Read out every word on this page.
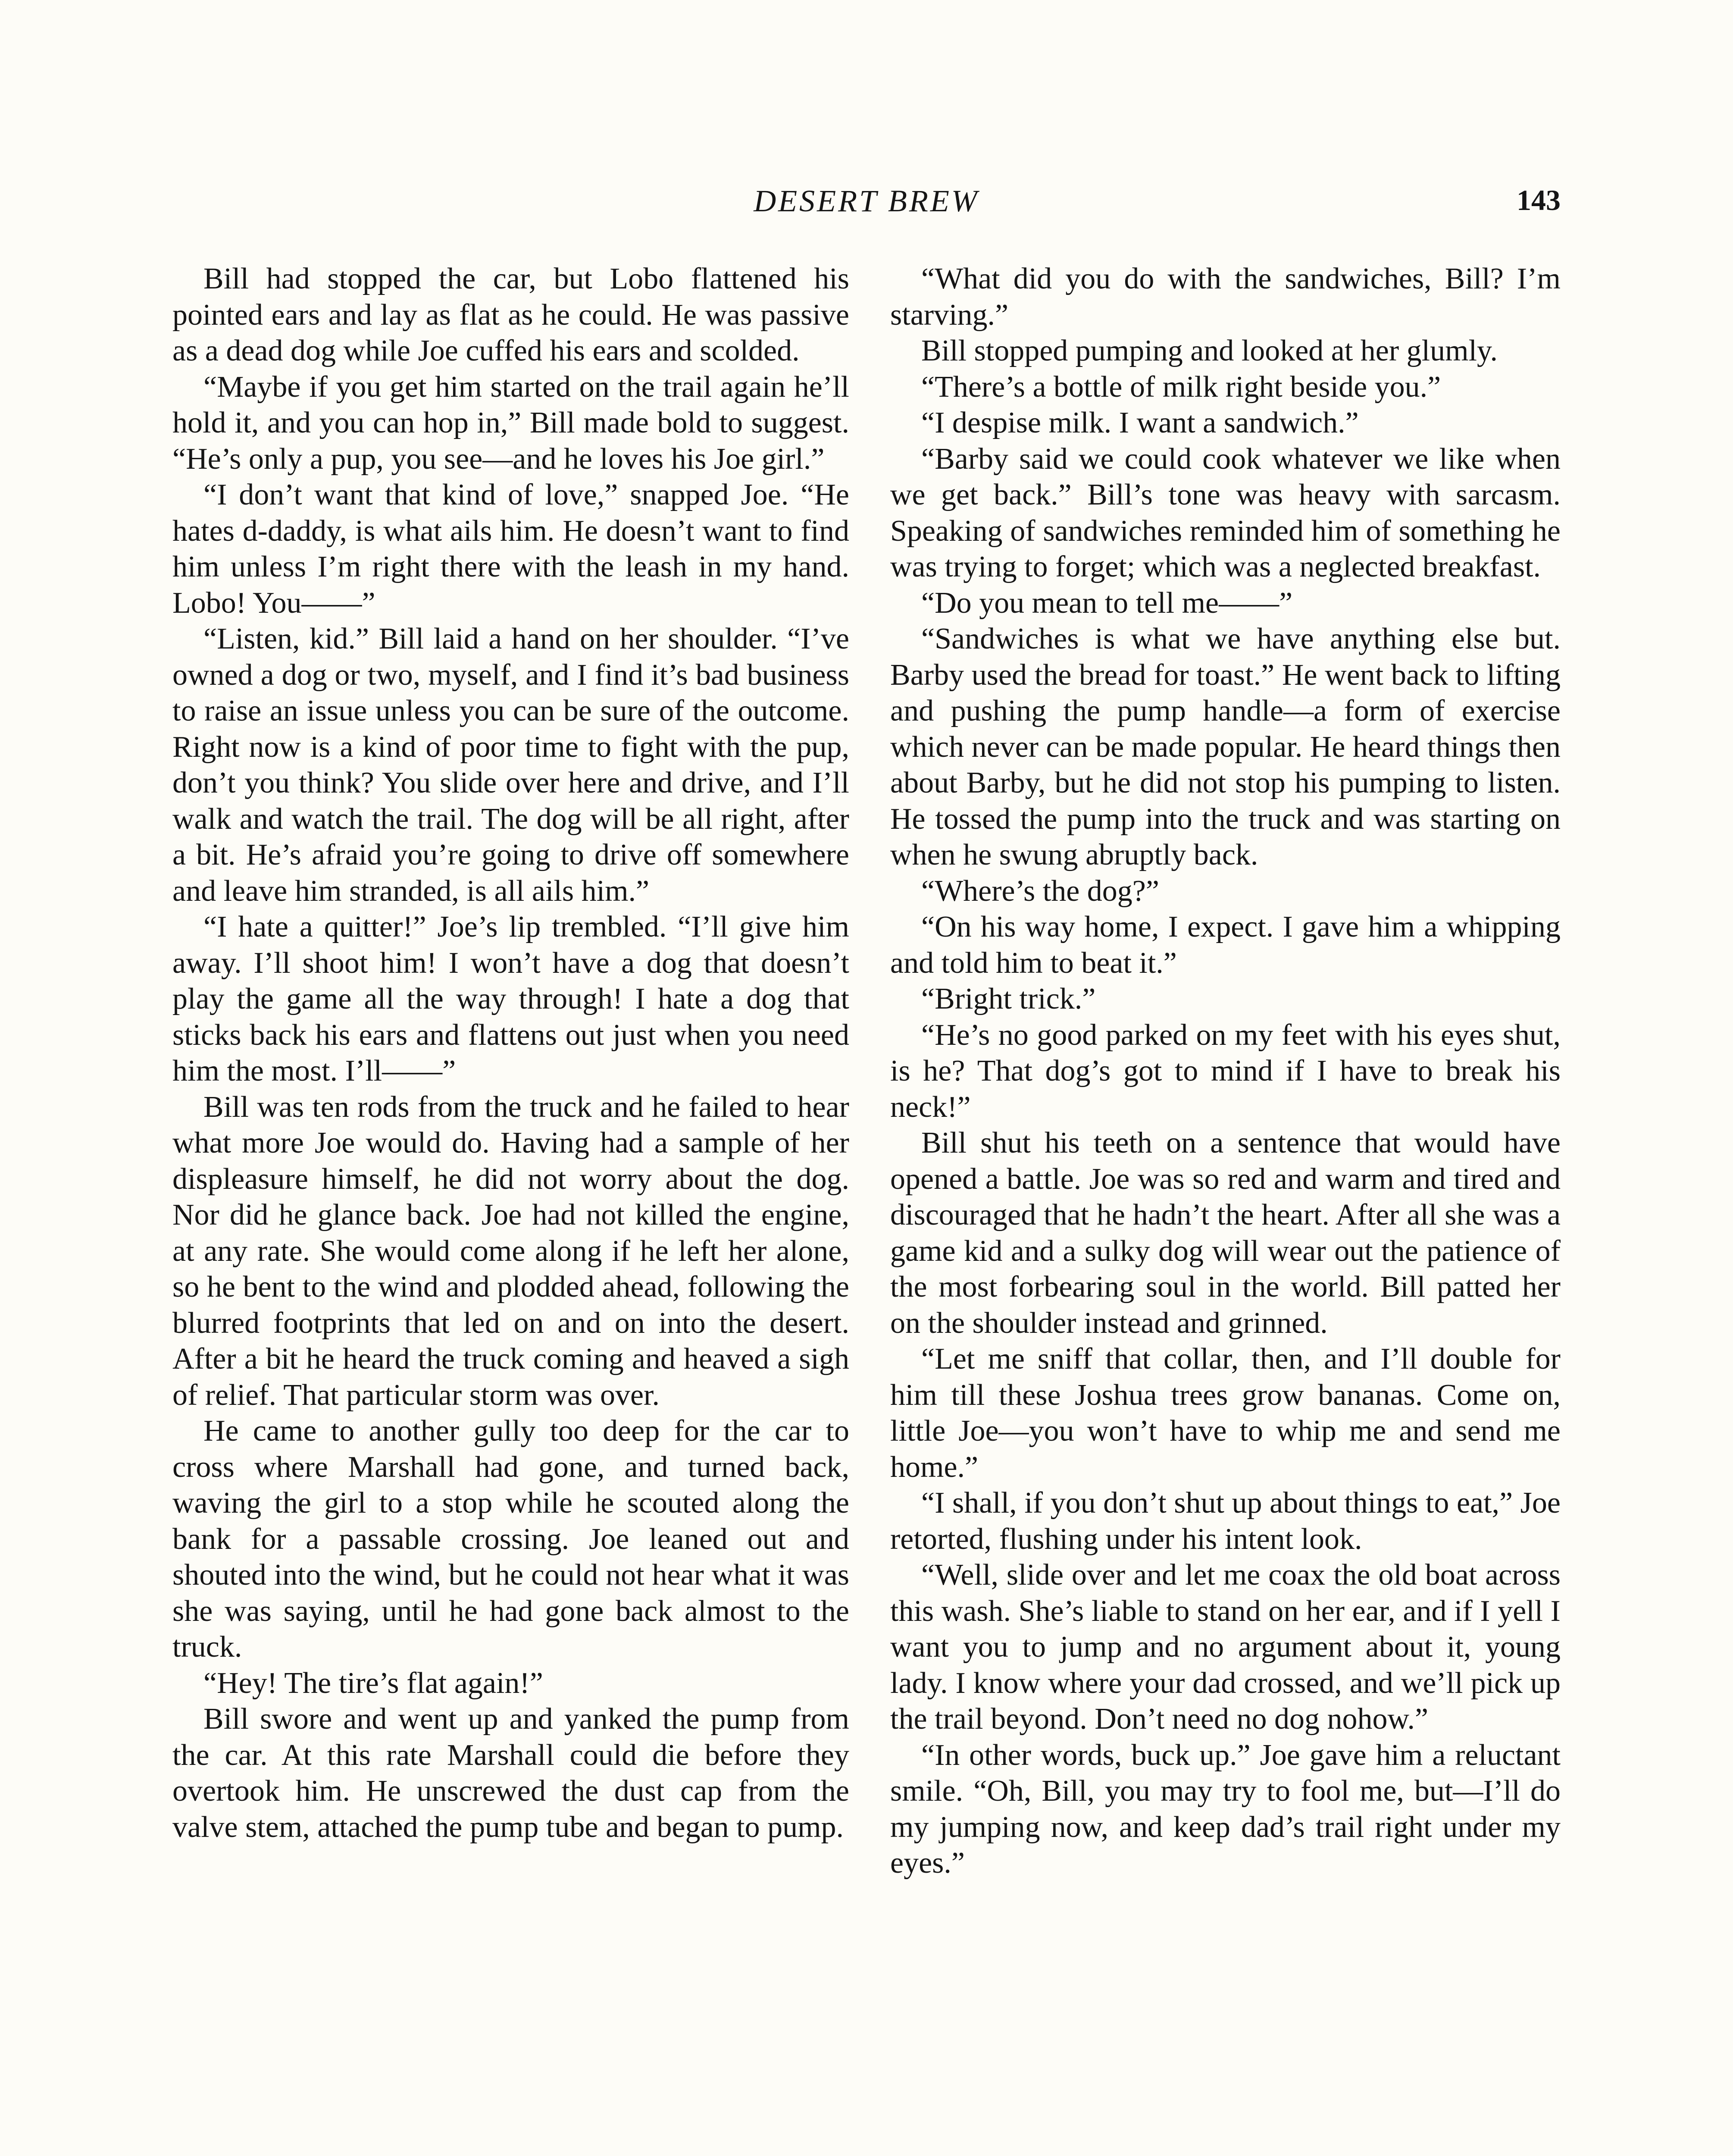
DESERT BREW	143

Bill had stopped the car, but Lobo flattened his pointed ears and lay as flat as he could. He was passive as a dead dog while Joe cuffed his ears and scolded.

“Maybe if you get him started on the trail again he’ll hold it, and you can hop in,” Bill made bold to suggest. “He’s only a pup, you see—and he loves his Joe girl.”

“I don’t want that kind of love,” snapped Joe. “He hates d-daddy, is what ails him. He doesn’t want to find him unless I’m right there with the leash in my hand. Lobo! You——”

“Listen, kid.” Bill laid a hand on her shoulder. “I’ve owned a dog or two, myself, and I find it’s bad business to raise an issue unless you can be sure of the outcome. Right now is a kind of poor time to fight with the pup, don’t you think? You slide over here and drive, and I’ll walk and watch the trail. The dog will be all right, after a bit. He’s afraid you’re going to drive off somewhere and leave him stranded, is all ails him.”

“I hate a quitter!” Joe’s lip trembled. “I’ll give him away. I’ll shoot him! I won’t have a dog that doesn’t play the game all the way through! I hate a dog that sticks back his ears and flattens out just when you need him the most. I’ll——”

Bill was ten rods from the truck and he failed to hear what more Joe would do. Having had a sample of her displeasure himself, he did not worry about the dog. Nor did he glance back. Joe had not killed the engine, at any rate. She would come along if he left her alone, so he bent to the wind and plodded ahead, following the blurred footprints that led on and on into the desert. After a bit he heard the truck coming and heaved a sigh of relief. That particular storm was over.

He came to another gully too deep for the car to cross where Marshall had gone, and turned back, waving the girl to a stop while he scouted along the bank for a passable crossing. Joe leaned out and shouted into the wind, but he could not hear what it was she was saying, until he had gone back almost to the truck.

“Hey! The tire’s flat again!”

Bill swore and went up and yanked the pump from the car. At this rate Marshall could die before they overtook him. He unscrewed the dust cap from the valve stem, attached the pump tube and began to pump.

“What did you do with the sandwiches, Bill? I’m starving.”

Bill stopped pumping and looked at her glumly.

“There’s a bottle of milk right beside you.”

“I despise milk. I want a sandwich.”

“Barby said we could cook whatever we like when we get back.” Bill’s tone was heavy with sarcasm. Speaking of sandwiches reminded him of something he was trying to forget; which was a neglected breakfast.

“Do you mean to tell me——”

“Sandwiches is what we have anything else but. Barby used the bread for toast.” He went back to lifting and pushing the pump handle—a form of exercise which never can be made popular. He heard things then about Barby, but he did not stop his pumping to listen. He tossed the pump into the truck and was starting on when he swung abruptly back.

“Where’s the dog?”

“On his way home, I expect. I gave him a whipping and told him to beat it.”

“Bright trick.”

“He’s no good parked on my feet with his eyes shut, is he? That dog’s got to mind if I have to break his neck!”

Bill shut his teeth on a sentence that would have opened a battle. Joe was so red and warm and tired and discouraged that he hadn’t the heart. After all she was a game kid and a sulky dog will wear out the patience of the most forbearing soul in the world. Bill patted her on the shoulder instead and grinned.

“Let me sniff that collar, then, and I’ll double for him till these Joshua trees grow bananas. Come on, little Joe—you won’t have to whip me and send me home.”

“I shall, if you don’t shut up about things to eat,” Joe retorted, flushing under his intent look.

“Well, slide over and let me coax the old boat across this wash. She’s liable to stand on her ear, and if I yell I want you to jump and no argument about it, young lady. I know where your dad crossed, and we’ll pick up the trail beyond. Don’t need no dog nohow.”

“In other words, buck up.” Joe gave him a reluctant smile. “Oh, Bill, you may try to fool me, but—I’ll do my jumping now, and keep dad’s trail right under my eyes.”
